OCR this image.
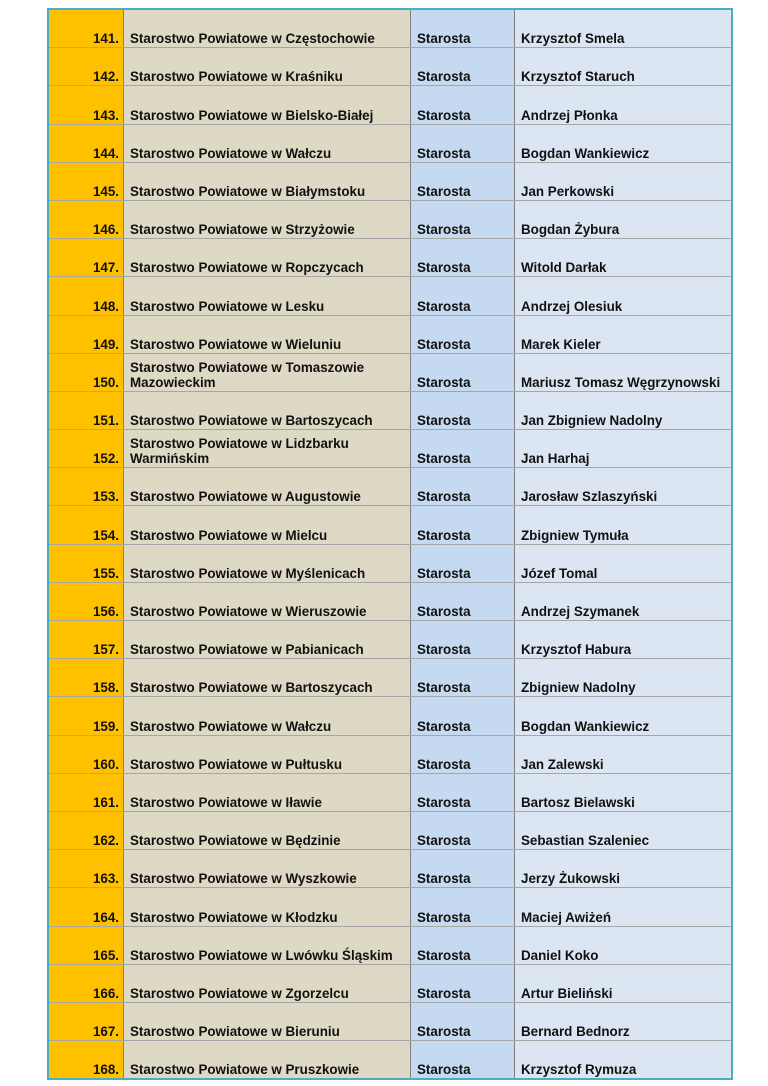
141.	Starostwo Powiatowe w Częstochowie	Starosta	Krzysztof Smela
142.	Starostwo Powiatowe w Kraśniku	Starosta	Krzysztof Staruch
143.	Starostwo Powiatowe w Bielsko-Białej	Starosta	Andrzej Płonka
144.	Starostwo Powiatowe w Wałczu	Starosta	Bogdan Wankiewicz
145.	Starostwo Powiatowe w Białymstoku	Starosta	Jan Perkowski
146.	Starostwo Powiatowe w Strzyżowie	Starosta	Bogdan Żybura
147.	Starostwo Powiatowe w Ropczycach	Starosta	Witold Darłak
148.	Starostwo Powiatowe w Lesku	Starosta	Andrzej Olesiuk
149.	Starostwo Powiatowe w Wieluniu	Starosta	Marek Kieler
150.	Starostwo Powiatowe w Tomaszowie Mazowieckim	Starosta	Mariusz Tomasz Węgrzynowski
151.	Starostwo Powiatowe w Bartoszycach	Starosta	Jan Zbigniew Nadolny
152.	Starostwo Powiatowe w Lidzbarku Warmińskim	Starosta	Jan Harhaj
153.	Starostwo Powiatowe w Augustowie	Starosta	Jarosław Szlaszyński
154.	Starostwo Powiatowe w Mielcu	Starosta	Zbigniew Tymuła
155.	Starostwo Powiatowe w Myślenicach	Starosta	Józef Tomal
156.	Starostwo Powiatowe w Wieruszowie	Starosta	Andrzej Szymanek
157.	Starostwo Powiatowe w Pabianicach	Starosta	Krzysztof Habura
158.	Starostwo Powiatowe w Bartoszycach	Starosta	Zbigniew Nadolny
159.	Starostwo Powiatowe w Wałczu	Starosta	Bogdan Wankiewicz
160.	Starostwo Powiatowe w Pułtusku	Starosta	Jan Zalewski
161.	Starostwo Powiatowe w Iławie	Starosta	Bartosz Bielawski
162.	Starostwo Powiatowe w Będzinie	Starosta	Sebastian Szaleniec
163.	Starostwo Powiatowe w Wyszkowie	Starosta	Jerzy Żukowski
164.	Starostwo Powiatowe w Kłodzku	Starosta	Maciej Awiżeń
165.	Starostwo Powiatowe w Lwówku Śląskim	Starosta	Daniel Koko
166.	Starostwo Powiatowe w Zgorzelcu	Starosta	Artur Bieliński
167.	Starostwo Powiatowe w Bieruniu	Starosta	Bernard Bednorz
168.	Starostwo Powiatowe w Pruszkowie	Starosta	Krzysztof Rymuza
